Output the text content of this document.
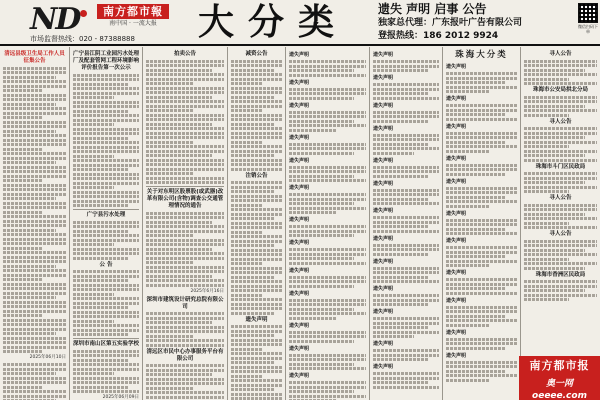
ND	南方都市報
南中国 · 一流大报
市场监督热线：020 - 87388888 大分类 遗失 声明 启事 公告
独家总代理：广东报叶广告有限公司
登报热线：186 2012 9924
微信扫码下单
清远县级卫生局工作人员征集公告
2025年06月10日
广宁县江阴工业园污水处理厂及配套管网工程环境影响评价报告第一次公示
广宁县污水处理
公 告
深圳市南山区第五实验学校
2025年06月09日
拍卖公告
关于对东明区股票股(或武器)改革有限公司(含物)调查公交通管理情况的通告
2025年6月16日
深圳市建筑设计研究总院有限公司
清远区市民中心办事服务平台有限公司
减资公告
注销公告
遗失声明
遗失声明
遗失声明
遗失声明
遗失声明
遗失声明
遗失声明
遗失声明
遗失声明
遗失声明
遗失声明
遗失声明
遗失声明
遗失声明
遗失声明
遗失声明
遗失声明
遗失声明
遗失声明
遗失声明
遗失声明
遗失声明
遗失声明
遗失声明
遗失声明
遗失声明
遗失声明
珠海大分类
遗失声明
遗失声明
遗失声明
遗失声明
遗失声明
遗失声明
遗失声明
遗失声明
遗失声明
遗失声明
遗失声明
寻人公告
珠海市公安局拱北分局
寻人公告
珠海市斗门区民政局
寻人公告
寻人公告
珠海市香洲区民政局
南方都市报
奥一网 oeeee.com
